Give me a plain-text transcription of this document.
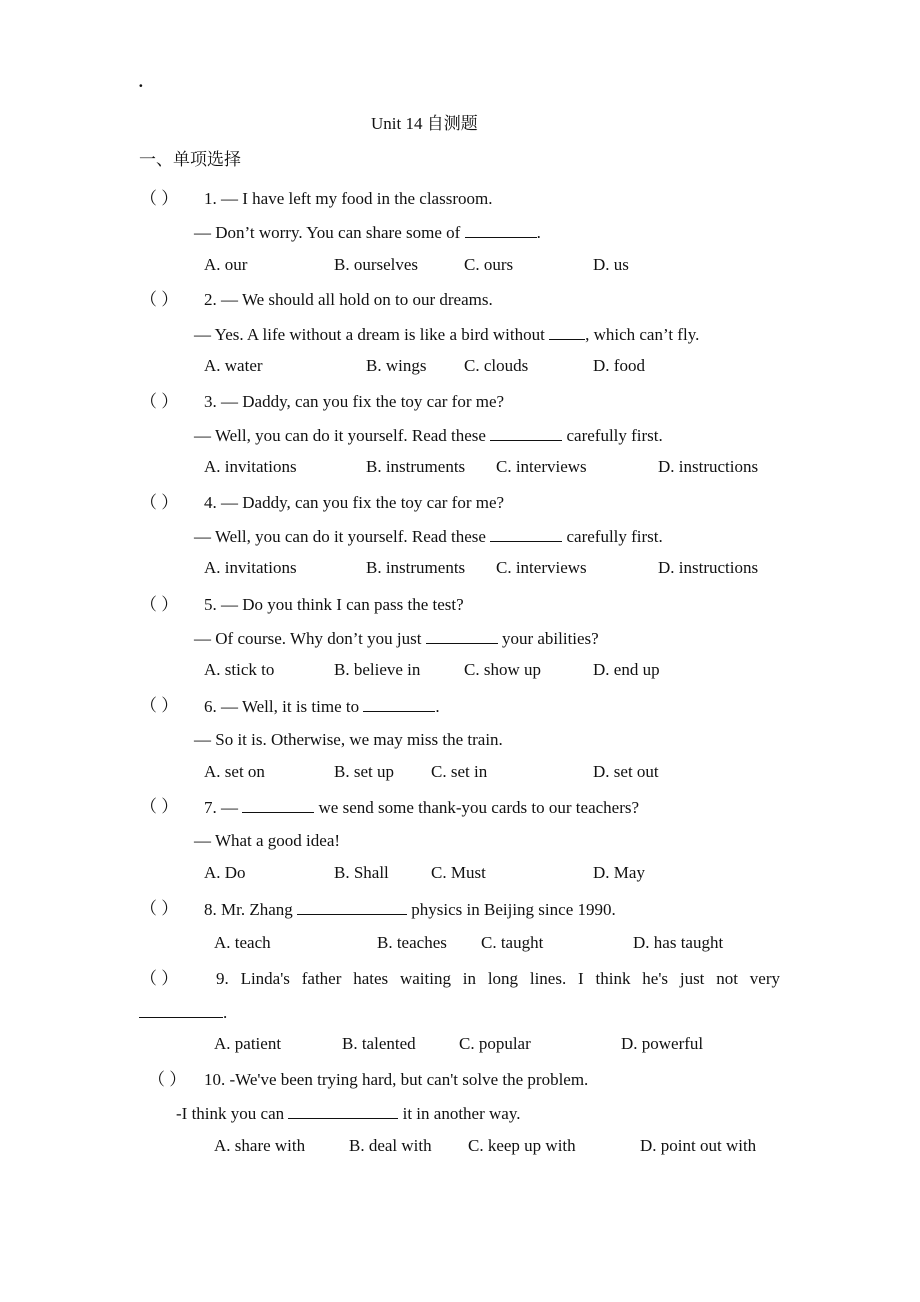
·
Unit 14 自测题
一、单项选择
（ ） 1. — I have left my food in the classroom.
— Don’t worry. You can share some of	.
A. our	B. ourselves	C. ours	D. us
（ ） 2. — We should all hold on to our dreams.
— Yes. A life without a dream is like a bird without , which can’t fly.
A. water	B. wings C. clouds	D. food
（ ） 3. — Daddy, can you fix the toy car for me?
— Well, you can do it yourself. Read these	carefully first.
A. invitations	B. instruments C. interviews	D. instructions
（ ） 4. — Daddy, can you fix the toy car for me?
— Well, you can do it yourself. Read these	carefully first.
A. invitations	B. instruments C. interviews	D. instructions
（ ） 5. — Do you think I can pass the test?
— Of course. Why don’t you just	your abilities?
A. stick to	B. believe in	C. show up	D. end up
（ ） 6. — Well, it is time to	.
— So it is. Otherwise, we may miss the train.
A. set on	B. set up C. set in	D. set out
（ ） 7. —	we send some thank-you cards to our teachers?
— What a good idea!
A. Do	B. Shall C. Must	D. May
（ ） 8. Mr. Zhang	physics in Beijing since 1990.
A. teach	B. teaches C. taught	D. has taught
（ ） 9. Linda's father hates waiting in long lines. I think he's just not very
.
A. patient	B. talented	C. popular	D. powerful
（ ） 10. -We've been trying hard, but can't solve the problem.
-I think you can	it in another way.
A. share with	B. deal with C. keep up with	D. point out with
